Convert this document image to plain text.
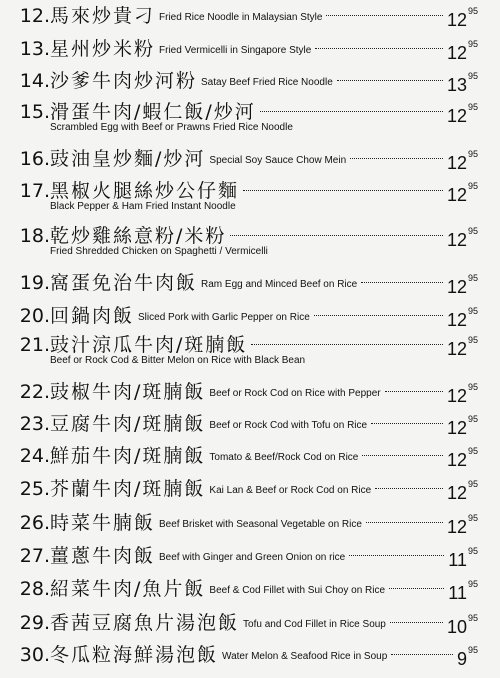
12. 馬來炒貴刁 Fried Rice Noodle in Malaysian Style	$12^{95}$
13. 星州炒米粉 Fried Vermicelli in Singapore Style	$12^{95}$
14. 沙爹牛肉炒河粉 Satay Beef Fried Rice Noodle	$13^{95}$
15. 滑蛋牛肉/蝦仁飯/炒河
Scrambled Egg with Beef or Prawns Fried Rice Noodle
$12^{95}$
16. 豉油皇炒麵/炒河 Special Soy Sauce Chow Mein	$12^{95}$
17. 黑椒火腿絲炒公仔麵
Black Pepper & Ham Fried Instant Noodle
$12^{95}$
18. 乾炒雞絲意粉/米粉
Fried Shredded Chicken on Spaghetti / Vermicelli
$12^{95}$
19. 窩蛋免治牛肉飯 Ram Egg and Minced Beef on Rice	$12^{95}$
20. 回鍋肉飯 Sliced Pork with Garlic Pepper on Rice	$12^{95}$
21. 豉汁涼瓜牛肉/斑腩飯
Beef or Rock Cod & Bitter Melon on Rice with Black Bean
$12^{95}$
22. 豉椒牛肉/斑腩飯 Beef or Rock Cod on Rice with Pepper	$12^{95}$
23. 豆腐牛肉/斑腩飯 Beef or Rock Cod with Tofu on Rice	$12^{95}$
24. 鮮茄牛肉/斑腩飯 Tomato & Beef/Rock Cod on Rice	$12^{95}$
25. 芥蘭牛肉/斑腩飯 Kai Lan & Beef or Rock Cod on Rice	$12^{95}$
26. 時菜牛腩飯 Beef Brisket with Seasonal Vegetable on Rice	$12^{95}$
27. 薑蔥牛肉飯 Beef with Ginger and Green Onion on rice	$11^{95}$
28. 紹菜牛肉/魚片飯 Beef & Cod Fillet with Sui Choy on Rice	$11^{95}$
29. 香茜豆腐魚片湯泡飯 Tofu and Cod Fillet in Rice Soup	$10^{95}$
30. 冬瓜粒海鮮湯泡飯 Water Melon & Seafood Rice in Soup	$9^{95}$
